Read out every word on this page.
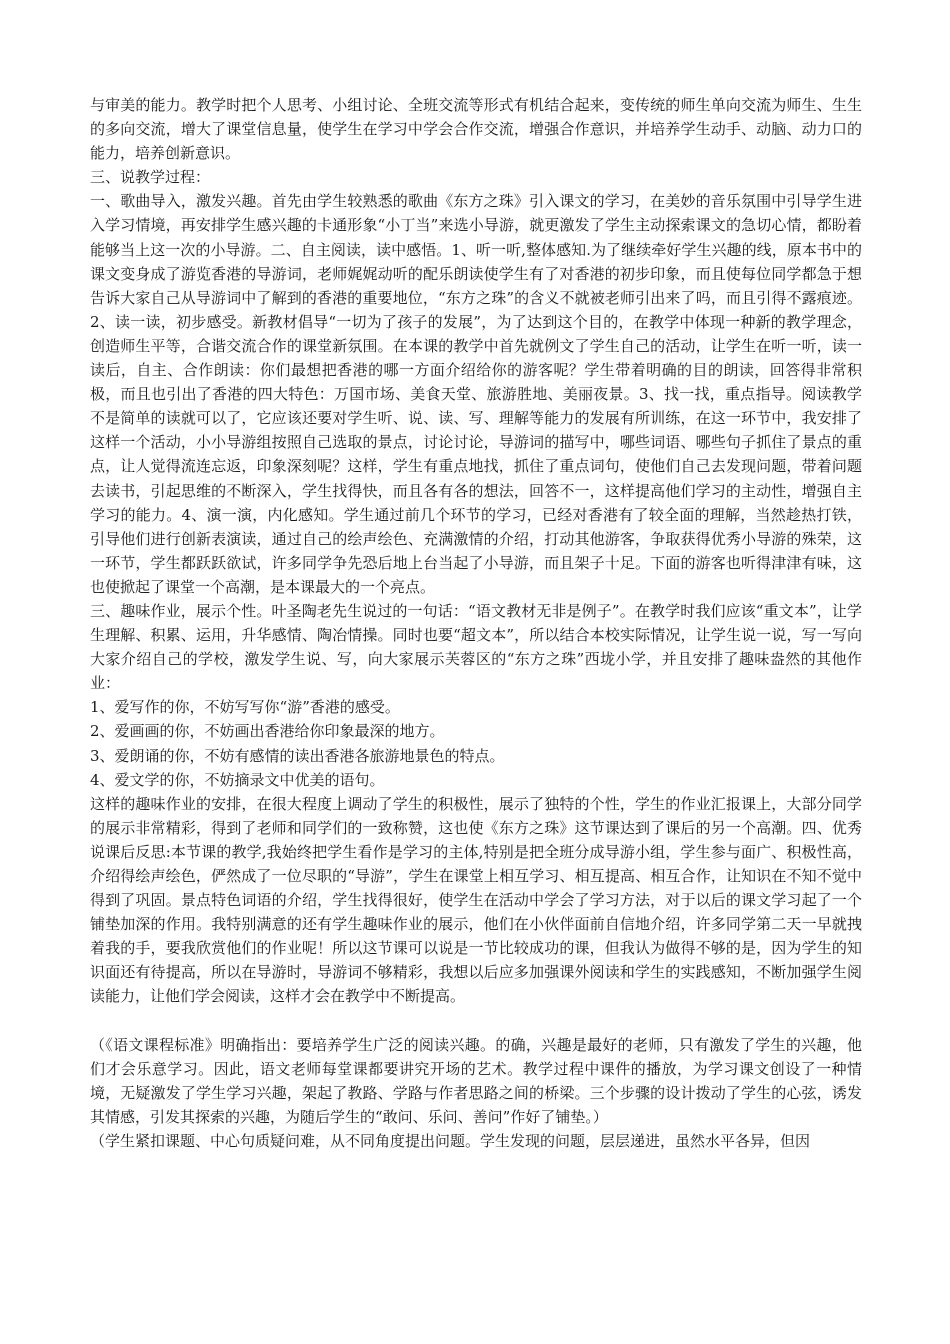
与审美的能力。教学时把个人思考、小组讨论、全班交流等形式有机结合起来，变传统的师生单向交流为师生、生生的多向交流，增大了课堂信息量，使学生在学习中学会合作交流，增强合作意识，并培养学生动手、动脑、动力口的能力，培养创新意识。

三、说教学过程：

一、歌曲导入，激发兴趣。首先由学生较熟悉的歌曲《东方之珠》引入课文的学习，在美妙的音乐氛围中引导学生进入学习情境，再安排学生感兴趣的卡通形象“小丁当”来选小导游，就更激发了学生主动探索课文的急切心情，都盼着能够当上这一次的小导游。二、自主阅读，读中感悟。1、听一听,整体感知.为了继续牵好学生兴趣的线，原本书中的课文变身成了游览香港的导游词，老师娓娓动听的配乐朗读使学生有了对香港的初步印象，而且使每位同学都急于想告诉大家自己从导游词中了解到的香港的重要地位，“东方之珠”的含义不就被老师引出来了吗，而且引得不露痕迹。2、读一读，初步感受。新教材倡导“一切为了孩子的发展”，为了达到这个目的，在教学中体现一种新的教学理念，创造师生平等，合谐交流合作的课堂新氛围。在本课的教学中首先就例文了学生自己的活动，让学生在听一听，读一读后，自主、合作朗读：你们最想把香港的哪一方面介绍给你的游客呢？学生带着明确的目的朗读，回答得非常积极，而且也引出了香港的四大特色：万国市场、美食天堂、旅游胜地、美丽夜景。3、找一找，重点指导。阅读教学不是简单的读就可以了，它应该还要对学生听、说、读、写、理解等能力的发展有所训练，在这一环节中，我安排了这样一个活动，小小导游组按照自己选取的景点，讨论讨论，导游词的描写中，哪些词语、哪些句子抓住了景点的重点，让人觉得流连忘返，印象深刻呢？这样，学生有重点地找，抓住了重点词句，使他们自己去发现问题，带着问题去读书，引起思维的不断深入，学生找得快，而且各有各的想法，回答不一，这样提高他们学习的主动性，增强自主学习的能力。4、演一演，内化感知。学生通过前几个环节的学习，已经对香港有了较全面的理解，当然趁热打铁，引导他们进行创新表演读，通过自己的绘声绘色、充满激情的介绍，打动其他游客，争取获得优秀小导游的殊荣，这一环节，学生都跃跃欲试，许多同学争先恐后地上台当起了小导游，而且架子十足。下面的游客也听得津津有味，这也使掀起了课堂一个高潮，是本课最大的一个亮点。

三、趣味作业，展示个性。叶圣陶老先生说过的一句话：“语文教材无非是例子”。在教学时我们应该“重文本”，让学生理解、积累、运用，升华感情、陶冶情操。同时也要“超文本”，所以结合本校实际情况，让学生说一说，写一写向大家介绍自己的学校，激发学生说、写，向大家展示芙蓉区的“东方之珠”西垅小学，并且安排了趣味盎然的其他作业：

1、爱写作的你，不妨写写你“游”香港的感受。

2、爱画画的你，不妨画出香港给你印象最深的地方。

3、爱朗诵的你，不妨有感情的读出香港各旅游地景色的特点。

4、爱文学的你，不妨摘录文中优美的语句。

这样的趣味作业的安排，在很大程度上调动了学生的积极性，展示了独特的个性，学生的作业汇报课上，大部分同学的展示非常精彩，得到了老师和同学们的一致称赞，这也使《东方之珠》这节课达到了课后的另一个高潮。四、优秀说课后反思:本节课的教学,我始终把学生看作是学习的主体,特别是把全班分成导游小组，学生参与面广、积极性高，介绍得绘声绘色，俨然成了一位尽职的“导游”，学生在课堂上相互学习、相互提高、相互合作，让知识在不知不觉中得到了巩固。景点特色词语的介绍，学生找得很好，使学生在活动中学会了学习方法，对于以后的课文学习起了一个铺垫加深的作用。我特别满意的还有学生趣味作业的展示，他们在小伙伴面前自信地介绍，许多同学第二天一早就拽着我的手，要我欣赏他们的作业呢！所以这节课可以说是一节比较成功的课，但我认为做得不够的是，因为学生的知识面还有待提高，所以在导游时，导游词不够精彩，我想以后应多加强课外阅读和学生的实践感知，不断加强学生阅读能力，让他们学会阅读，这样才会在教学中不断提高。

（《语文课程标准》明确指出：要培养学生广泛的阅读兴趣。的确，兴趣是最好的老师，只有激发了学生的兴趣，他们才会乐意学习。因此，语文老师每堂课都要讲究开场的艺术。教学过程中课件的播放，为学习课文创设了一种情境，无疑激发了学生学习兴趣，架起了教路、学路与作者思路之间的桥梁。三个步骤的设计拨动了学生的心弦，诱发其情感，引发其探索的兴趣，为随后学生的“敢问、乐问、善问”作好了铺垫。）

（学生紧扣课题、中心句质疑问难，从不同角度提出问题。学生发现的问题，层层递进，虽然水平各异，但因
